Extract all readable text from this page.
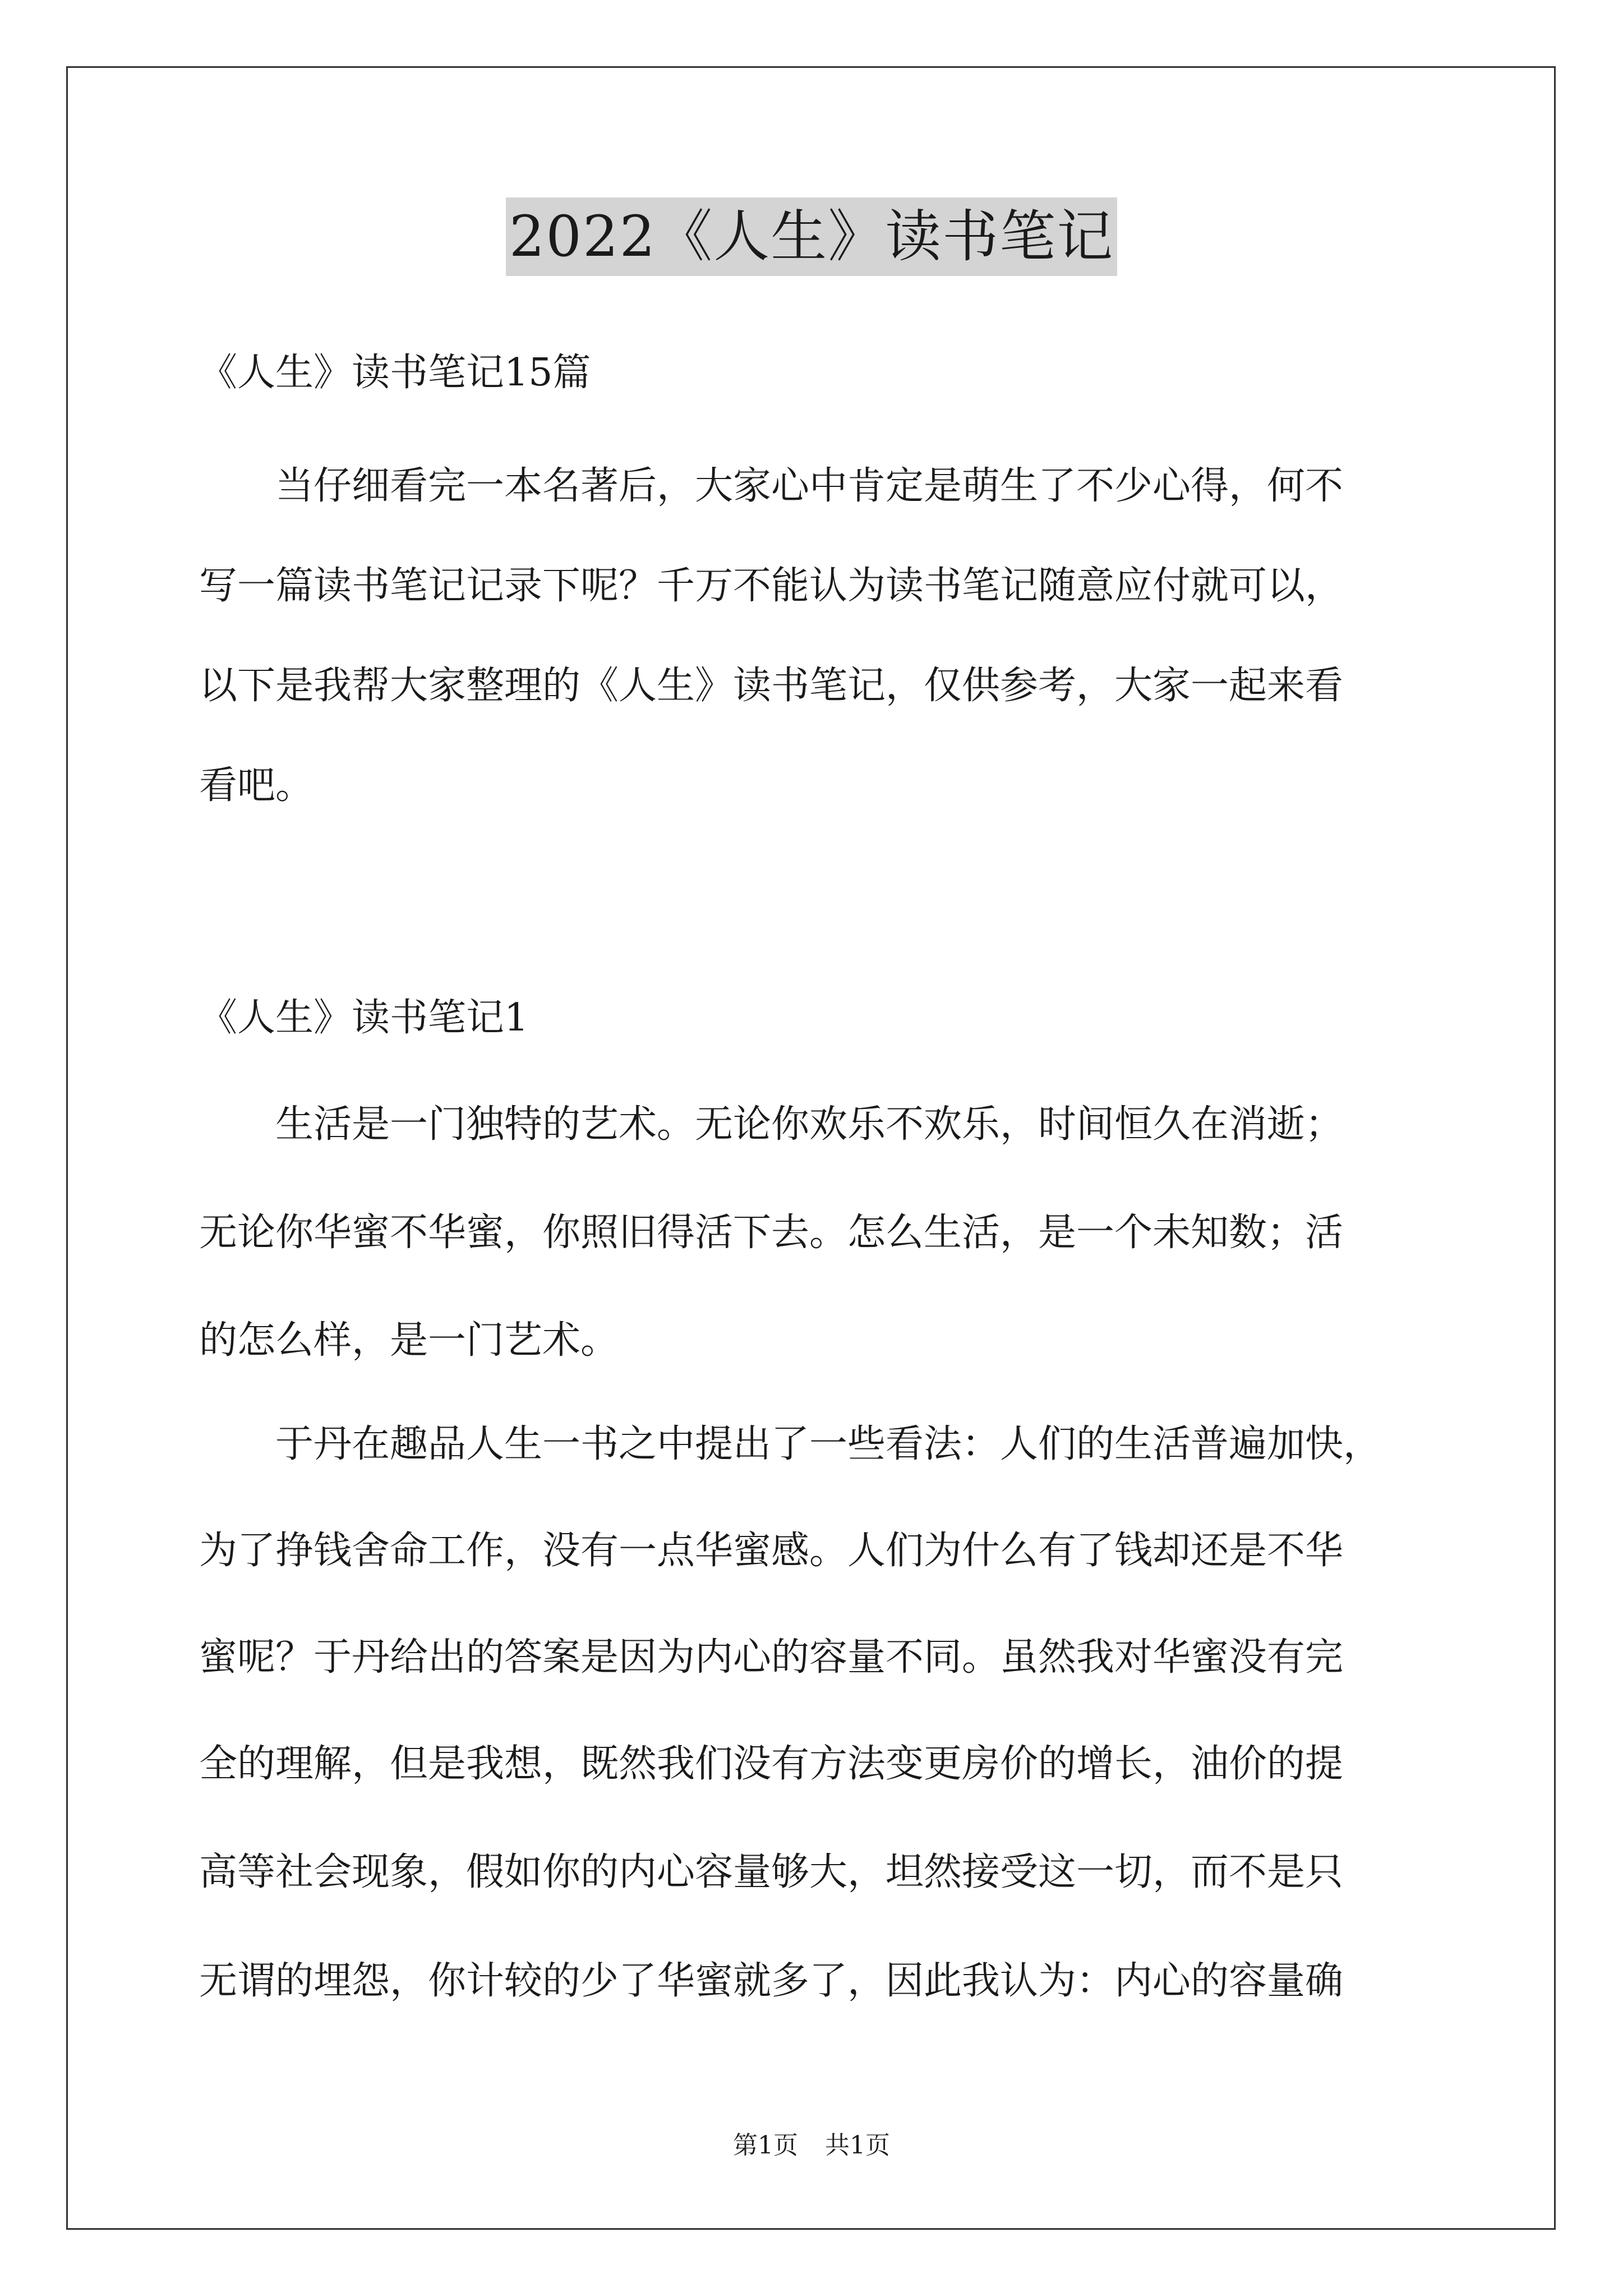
2022《人生》读书笔记
《人生》读书笔记15篇
　　当仔细看完一本名著后，大家心中肯定是萌生了不少心得，何不
写一篇读书笔记记录下呢？千万不能认为读书笔记随意应付就可以，
以下是我帮大家整理的《人生》读书笔记，仅供参考，大家一起来看
看吧。
《人生》读书笔记1
　　生活是一门独特的艺术。无论你欢乐不欢乐，时间恒久在消逝；
无论你华蜜不华蜜，你照旧得活下去。怎么生活，是一个未知数；活
的怎么样，是一门艺术。
　　于丹在趣品人生一书之中提出了一些看法：人们的生活普遍加快，
为了挣钱舍命工作，没有一点华蜜感。人们为什么有了钱却还是不华
蜜呢？于丹给出的答案是因为内心的容量不同。虽然我对华蜜没有完
全的理解，但是我想，既然我们没有方法变更房价的增长，油价的提
高等社会现象，假如你的内心容量够大，坦然接受这一切，而不是只
无谓的埋怨，你计较的少了华蜜就多了，因此我认为：内心的容量确
第1页 共1页
